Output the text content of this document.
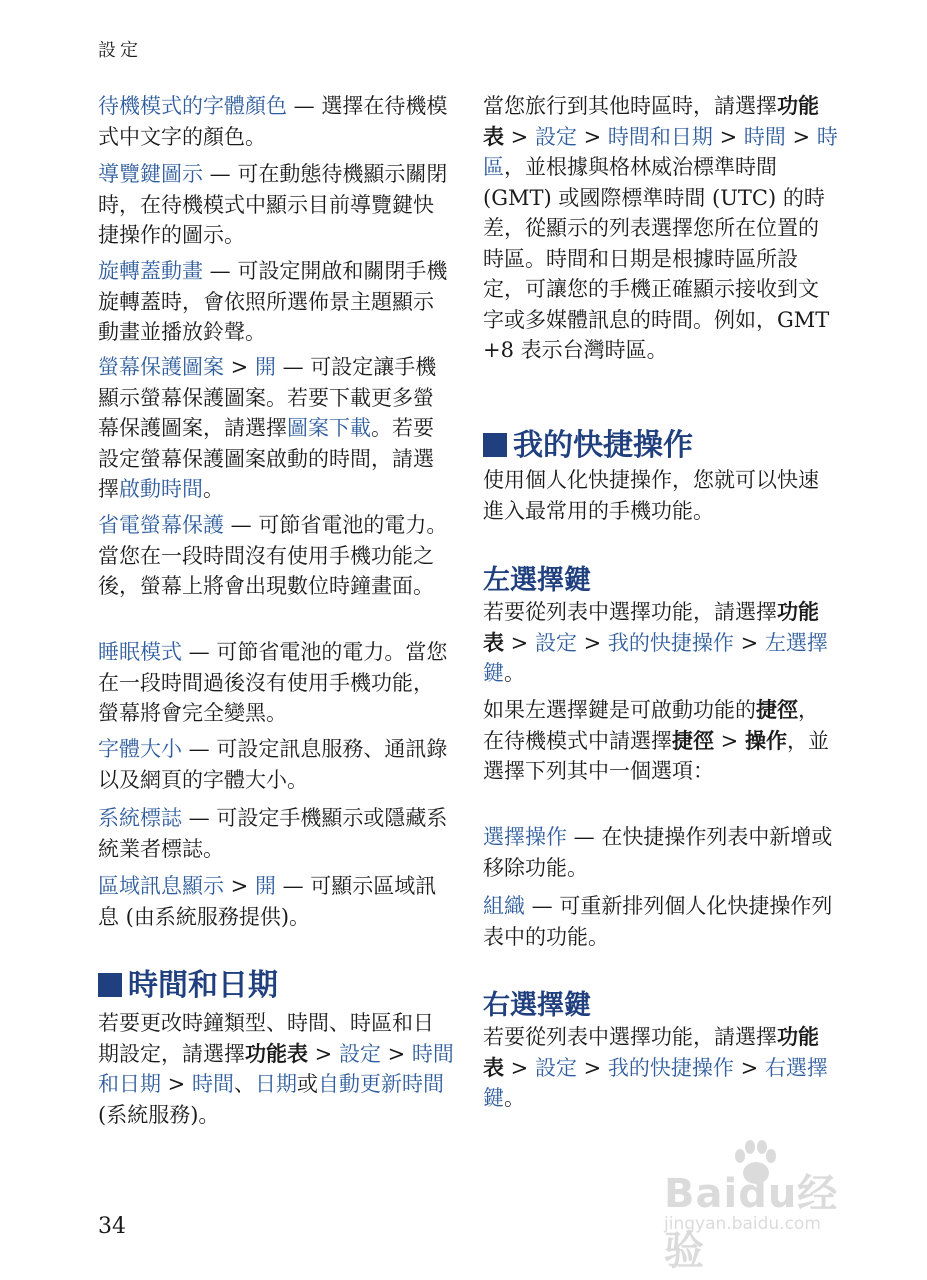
設定

待機模式的字體顏色 — 選擇在待機模式中文字的顏色。

導覽鍵圖示 — 可在動態待機顯示關閉時，在待機模式中顯示目前導覽鍵快捷操作的圖示。

旋轉蓋動畫 — 可設定開啟和關閉手機旋轉蓋時，會依照所選佈景主題顯示動畫並播放鈴聲。

螢幕保護圖案 > 開 — 可設定讓手機顯示螢幕保護圖案。若要下載更多螢幕保護圖案，請選擇圖案下載。若要設定螢幕保護圖案啟動的時間，請選擇啟動時間。

省電螢幕保護 — 可節省電池的電力。當您在一段時間沒有使用手機功能之後，螢幕上將會出現數位時鐘畫面。

睡眠模式 — 可節省電池的電力。當您在一段時間過後沒有使用手機功能，螢幕將會完全變黑。

字體大小 — 可設定訊息服務、通訊錄以及網頁的字體大小。

系統標誌 — 可設定手機顯示或隱藏系統業者標誌。

區域訊息顯示 > 開 — 可顯示區域訊息 (由系統服務提供)。

時間和日期

若要更改時鐘類型、時間、時區和日期設定，請選擇功能表 > 設定 > 時間和日期 > 時間、日期或自動更新時間 (系統服務)。

當您旅行到其他時區時，請選擇功能表 > 設定 > 時間和日期 > 時間 > 時區，並根據與格林威治標準時間 (GMT) 或國際標準時間 (UTC) 的時差，從顯示的列表選擇您所在位置的時區。時間和日期是根據時區所設定，可讓您的手機正確顯示接收到文字或多媒體訊息的時間。例如，GMT +8 表示台灣時區。

我的快捷操作

使用個人化快捷操作，您就可以快速進入最常用的手機功能。

左選擇鍵

若要從列表中選擇功能，請選擇功能表 > 設定 > 我的快捷操作 > 左選擇鍵。

如果左選擇鍵是可啟動功能的捷徑，在待機模式中請選擇捷徑 > 操作，並選擇下列其中一個選項：

選擇操作 — 在快捷操作列表中新增或移除功能。

組織 — 可重新排列個人化快捷操作列表中的功能。

右選擇鍵

若要從列表中選擇功能，請選擇功能表 > 設定 > 我的快捷操作 > 右選擇鍵。

34
Baidu经验
jingyan.baidu.com
